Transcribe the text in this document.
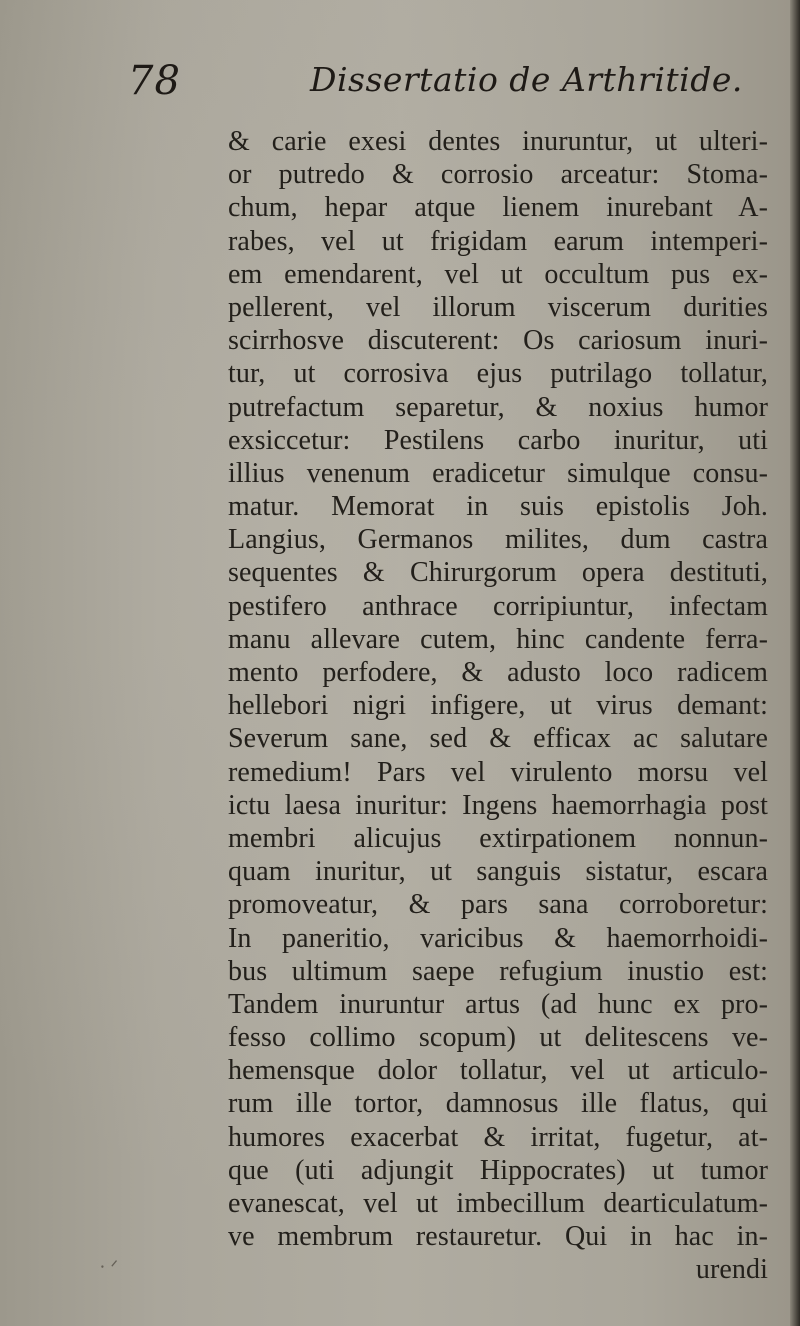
78	Dissertatio de Arthritide.
& carie exesi dentes inuruntur, ut ulteri-
or putredo & corrosio arceatur: Stoma-
chum, hepar atque lienem inurebant A-
rabes, vel ut frigidam earum intemperi-
em emendarent, vel ut occultum pus ex-
pellerent, vel illorum viscerum durities
scirrhosve discuterent: Os cariosum inuri-
tur, ut corrosiva ejus putrilago tollatur,
putrefactum separetur, & noxius humor
exsiccetur: Pestilens carbo inuritur, uti
illius venenum eradicetur simulque consu-
matur. Memorat in suis epistolis Joh.
Langius, Germanos milites, dum castra
sequentes & Chirurgorum opera destituti,
pestifero anthrace corripiuntur, infectam
manu allevare cutem, hinc candente ferra-
mento perfodere, & adusto loco radicem
hellebori nigri infigere, ut virus demant:
Severum sane, sed & efficax ac salutare
remedium! Pars vel virulento morsu vel
ictu laesa inuritur: Ingens haemorrhagia post
membri alicujus extirpationem nonnun-
quam inuritur, ut sanguis sistatur, escara
promoveatur, & pars sana corroboretur:
In paneritio, varicibus & haemorrhoidi-
bus ultimum saepe refugium inustio est:
Tandem inuruntur artus (ad hunc ex pro-
fesso collimo scopum) ut delitescens ve-
hemensque dolor tollatur, vel ut articulo-
rum ille tortor, damnosus ille flatus, qui
humores exacerbat & irritat, fugetur, at-
que (uti adjungit Hippocrates) ut tumor
evanescat, vel ut imbecillum dearticulatum-
ve membrum restauretur. Qui in hac in-
urendi
⸱ ᐟ
